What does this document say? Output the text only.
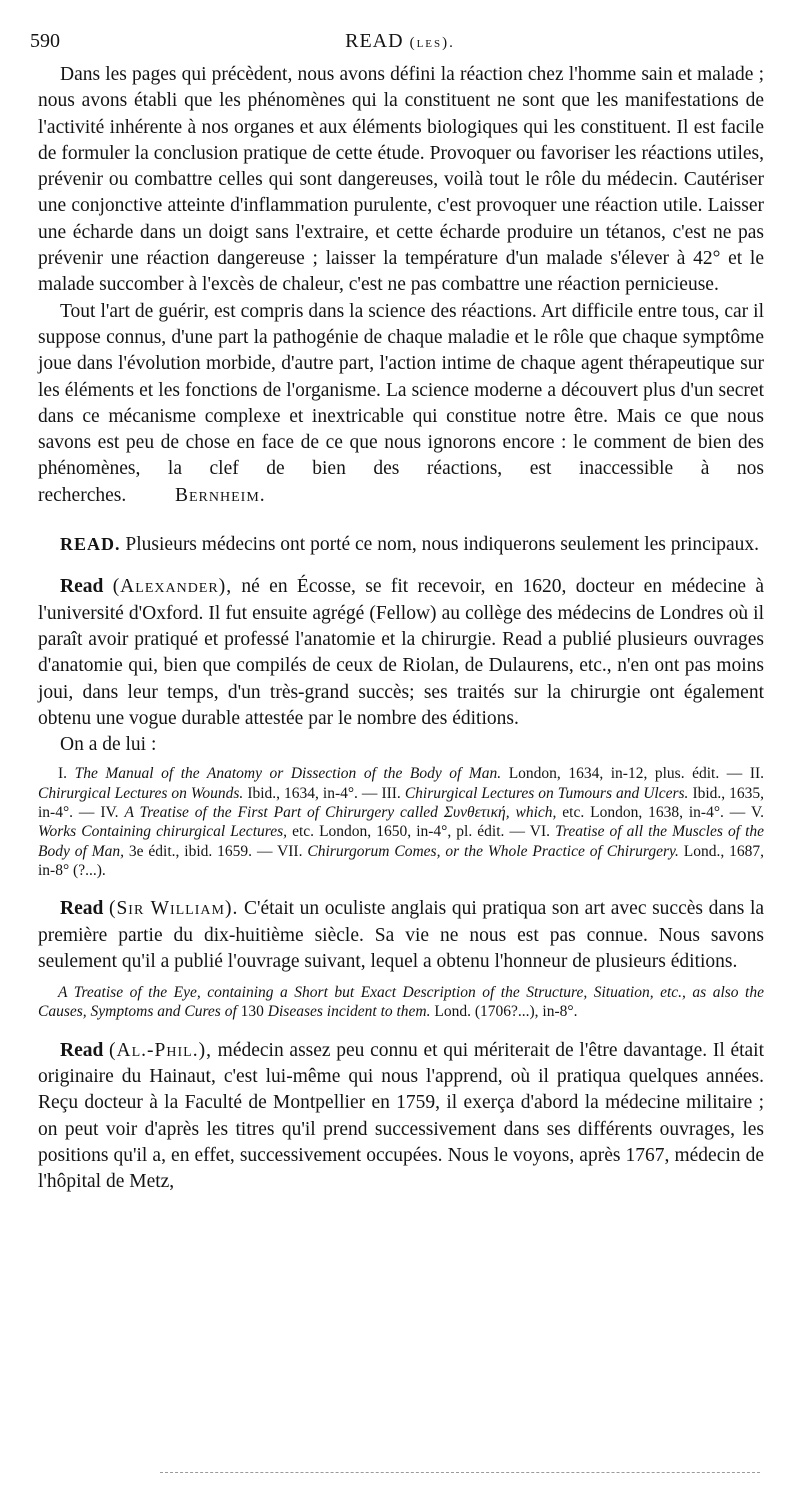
590	READ (les).

Dans les pages qui précèdent, nous avons défini la réaction chez l'homme sain et malade ; nous avons établi que les phénomènes qui la constituent ne sont que les manifestations de l'activité inhérente à nos organes et aux éléments biologiques qui les constituent. Il est facile de formuler la conclusion pratique de cette étude. Provoquer ou favoriser les réactions utiles, prévenir ou combattre celles qui sont dangereuses, voilà tout le rôle du médecin. Cautériser une conjonctive atteinte d'inflammation purulente, c'est provoquer une réaction utile. Laisser une écharde dans un doigt sans l'extraire, et cette écharde produire un tétanos, c'est ne pas prévenir une réaction dangereuse ; laisser la température d'un malade s'élever à 42° et le malade succomber à l'excès de chaleur, c'est ne pas combattre une réaction pernicieuse.

Tout l'art de guérir, est compris dans la science des réactions. Art difficile entre tous, car il suppose connus, d'une part la pathogénie de chaque maladie et le rôle que chaque symptôme joue dans l'évolution morbide, d'autre part, l'action intime de chaque agent thérapeutique sur les éléments et les fonctions de l'organisme. La science moderne a découvert plus d'un secret dans ce mécanisme complexe et inextricable qui constitue notre être. Mais ce que nous savons est peu de chose en face de ce que nous ignorons encore : le comment de bien des phénomènes, la clef de bien des réactions, est inaccessible à nos recherches.	Bernheim.

READ. Plusieurs médecins ont porté ce nom, nous indiquerons seulement les principaux.

Read (Alexander), né en Écosse, se fit recevoir, en 1620, docteur en médecine à l'université d'Oxford. Il fut ensuite agrégé (Fellow) au collège des médecins de Londres où il paraît avoir pratiqué et professé l'anatomie et la chirurgie. Read a publié plusieurs ouvrages d'anatomie qui, bien que compilés de ceux de Riolan, de Dulaurens, etc., n'en ont pas moins joui, dans leur temps, d'un très-grand succès; ses traités sur la chirurgie ont également obtenu une vogue durable attestée par le nombre des éditions.

On a de lui :

I. The Manual of the Anatomy or Dissection of the Body of Man. London, 1634, in-12, plus. édit. — II. Chirurgical Lectures on Wounds. Ibid., 1634, in-4°. — III. Chirurgical Lectures on Tumours and Ulcers. Ibid., 1635, in-4°. — IV. A Treatise of the First Part of Chirurgery called Συνθετική, which, etc. London, 1638, in-4°. — V. Works Containing chirurgical Lectures, etc. London, 1650, in-4°, pl. édit. — VI. Treatise of all the Muscles of the Body of Man, 3e édit., ibid. 1659. — VII. Chirurgorum Comes, or the Whole Practice of Chirurgery. Lond., 1687, in-8° (?...).

Read (Sir William). C'était un oculiste anglais qui pratiqua son art avec succès dans la première partie du dix-huitième siècle. Sa vie ne nous est pas connue. Nous savons seulement qu'il a publié l'ouvrage suivant, lequel a obtenu l'honneur de plusieurs éditions.

A Treatise of the Eye, containing a Short but Exact Description of the Structure, Situation, etc., as also the Causes, Symptoms and Cures of 130 Diseases incident to them. Lond. (1706?...), in-8°.

Read (Al.-Phil.), médecin assez peu connu et qui mériterait de l'être davantage. Il était originaire du Hainaut, c'est lui-même qui nous l'apprend, où il pratiqua quelques années. Reçu docteur à la Faculté de Montpellier en 1759, il exerça d'abord la médecine militaire ; on peut voir d'après les titres qu'il prend successivement dans ses différents ouvrages, les positions qu'il a, en effet, successivement occupées. Nous le voyons, après 1767, médecin de l'hôpital de Metz,
